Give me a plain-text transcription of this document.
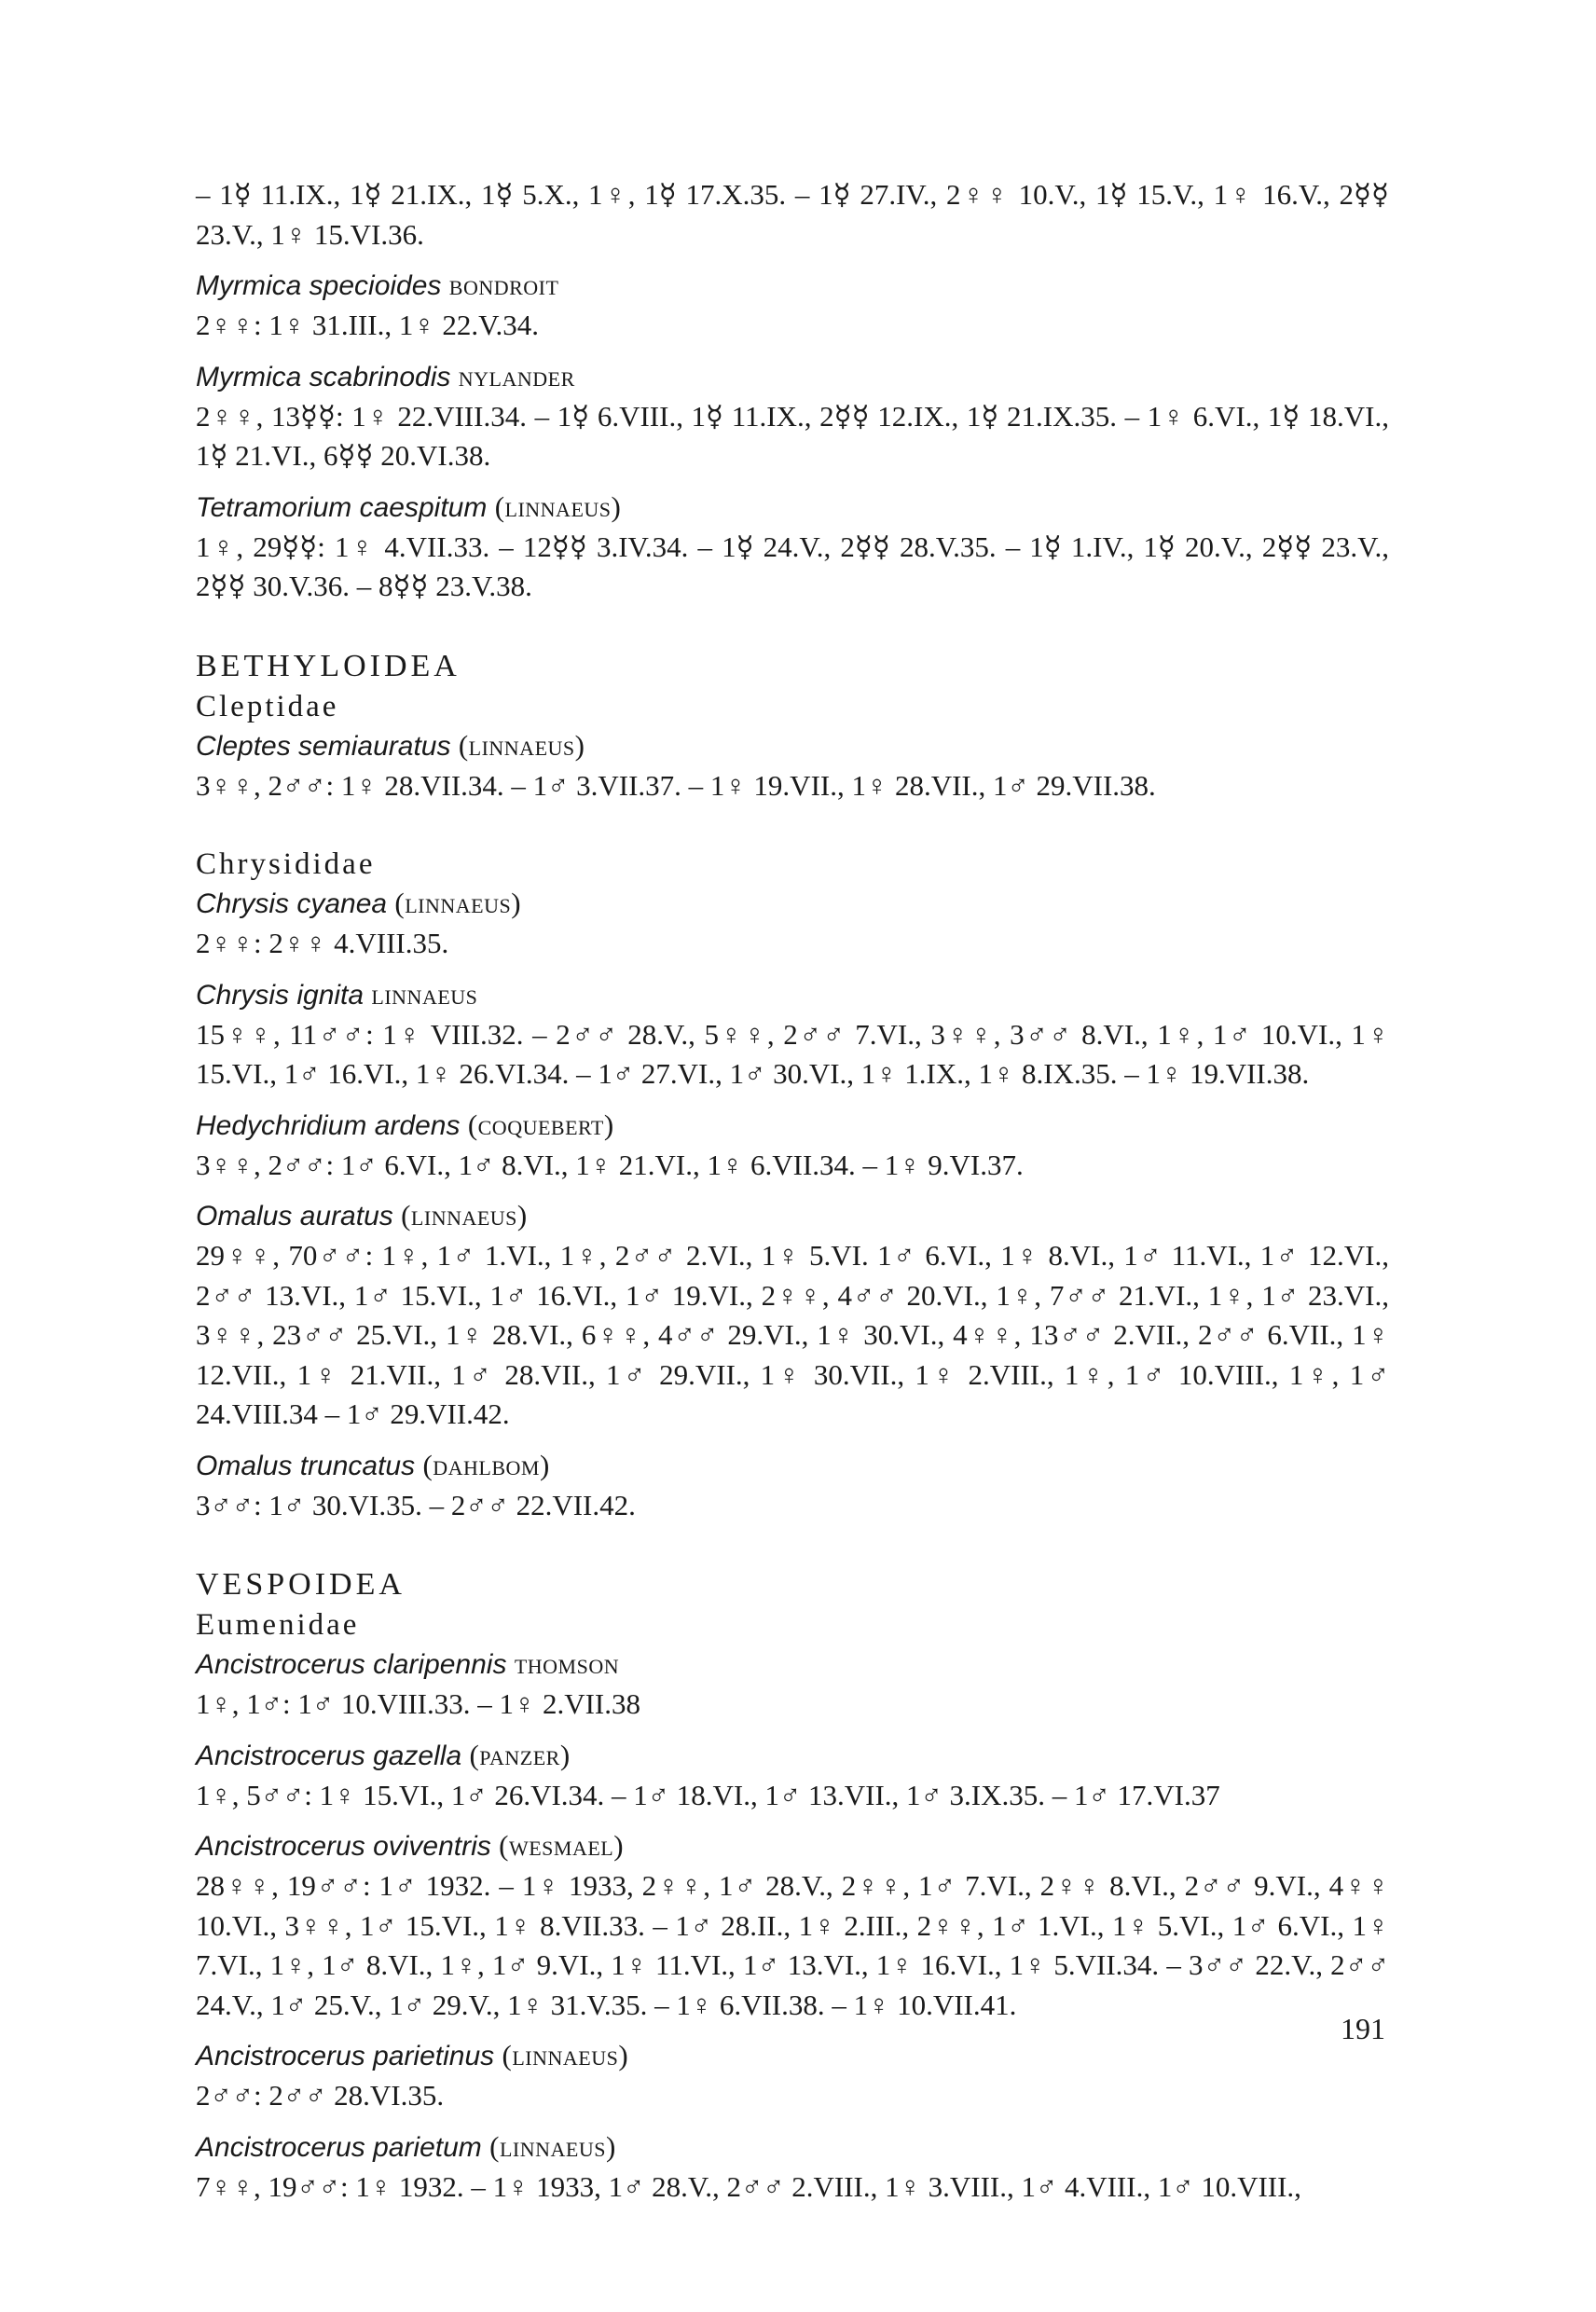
– 1☿ 11.IX., 1☿ 21.IX., 1☿ 5.X., 1♀, 1☿ 17.X.35. – 1☿ 27.IV., 2♀♀ 10.V., 1☿ 15.V., 1♀ 16.V., 2☿☿ 23.V., 1♀ 15.VI.36.

Myrmica specioides bondroit
2♀♀: 1♀ 31.III., 1♀ 22.V.34.
Myrmica scabrinodis nylander
2♀♀, 13☿☿: 1♀ 22.VIII.34. – 1☿ 6.VIII., 1☿ 11.IX., 2☿☿ 12.IX., 1☿ 21.IX.35. – 1♀ 6.VI., 1☿ 18.VI., 1☿ 21.VI., 6☿☿ 20.VI.38.
Tetramorium caespitum (linnaeus)
1♀, 29☿☿: 1♀ 4.VII.33. – 12☿☿ 3.IV.34. – 1☿ 24.V., 2☿☿ 28.V.35. – 1☿ 1.IV., 1☿ 20.V., 2☿☿ 23.V., 2☿☿ 30.V.36. – 8☿☿ 23.V.38.
BETHYLOIDEA
Cleptidae
Cleptes semiauratus (linnaeus)
3♀♀, 2♂♂: 1♀ 28.VII.34. – 1♂ 3.VII.37. – 1♀ 19.VII., 1♀ 28.VII., 1♂ 29.VII.38.
Chrysididae
Chrysis cyanea (linnaeus)
2♀♀: 2♀♀ 4.VIII.35.
Chrysis ignita linnaeus
15♀♀, 11♂♂: 1♀ VIII.32. – 2♂♂ 28.V., 5♀♀, 2♂♂ 7.VI., 3♀♀, 3♂♂ 8.VI., 1♀, 1♂ 10.VI., 1♀ 15.VI., 1♂ 16.VI., 1♀ 26.VI.34. – 1♂ 27.VI., 1♂ 30.VI., 1♀ 1.IX., 1♀ 8.IX.35. – 1♀ 19.VII.38.
Hedychridium ardens (coquebert)
3♀♀, 2♂♂: 1♂ 6.VI., 1♂ 8.VI., 1♀ 21.VI., 1♀ 6.VII.34. – 1♀ 9.VI.37.
Omalus auratus (linnaeus)
29♀♀, 70♂♂: 1♀, 1♂ 1.VI., 1♀, 2♂♂ 2.VI., 1♀ 5.VI. 1♂ 6.VI., 1♀ 8.VI., 1♂ 11.VI., 1♂ 12.VI., 2♂♂ 13.VI., 1♂ 15.VI., 1♂ 16.VI., 1♂ 19.VI., 2♀♀, 4♂♂ 20.VI., 1♀, 7♂♂ 21.VI., 1♀, 1♂ 23.VI., 3♀♀, 23♂♂ 25.VI., 1♀ 28.VI., 6♀♀, 4♂♂ 29.VI., 1♀ 30.VI., 4♀♀, 13♂♂ 2.VII., 2♂♂ 6.VII., 1♀ 12.VII., 1♀ 21.VII., 1♂ 28.VII., 1♂ 29.VII., 1♀ 30.VII., 1♀ 2.VIII., 1♀, 1♂ 10.VIII., 1♀, 1♂ 24.VIII.34 – 1♂ 29.VII.42.
Omalus truncatus (dahlbom)
3♂♂: 1♂ 30.VI.35. – 2♂♂ 22.VII.42.
VESPOIDEA
Eumenidae
Ancistrocerus claripennis thomson
1♀, 1♂: 1♂ 10.VIII.33. – 1♀ 2.VII.38
Ancistrocerus gazella (panzer)
1♀, 5♂♂: 1♀ 15.VI., 1♂ 26.VI.34. – 1♂ 18.VI., 1♂ 13.VII., 1♂ 3.IX.35. – 1♂ 17.VI.37
Ancistrocerus oviventris (wesmael)
28♀♀, 19♂♂: 1♂ 1932. – 1♀ 1933, 2♀♀, 1♂ 28.V., 2♀♀, 1♂ 7.VI., 2♀♀ 8.VI., 2♂♂ 9.VI., 4♀♀ 10.VI., 3♀♀, 1♂ 15.VI., 1♀ 8.VII.33. – 1♂ 28.II., 1♀ 2.III., 2♀♀, 1♂ 1.VI., 1♀ 5.VI., 1♂ 6.VI., 1♀ 7.VI., 1♀, 1♂ 8.VI., 1♀, 1♂ 9.VI., 1♀ 11.VI., 1♂ 13.VI., 1♀ 16.VI., 1♀ 5.VII.34. – 3♂♂ 22.V., 2♂♂ 24.V., 1♂ 25.V., 1♂ 29.V., 1♀ 31.V.35. – 1♀ 6.VII.38. – 1♀ 10.VII.41.
Ancistrocerus parietinus (linnaeus)
2♂♂: 2♂♂ 28.VI.35.
Ancistrocerus parietum (linnaeus)
7♀♀, 19♂♂: 1♀ 1932. – 1♀ 1933, 1♂ 28.V., 2♂♂ 2.VIII., 1♀ 3.VIII., 1♂ 4.VIII., 1♂ 10.VIII.,
191
